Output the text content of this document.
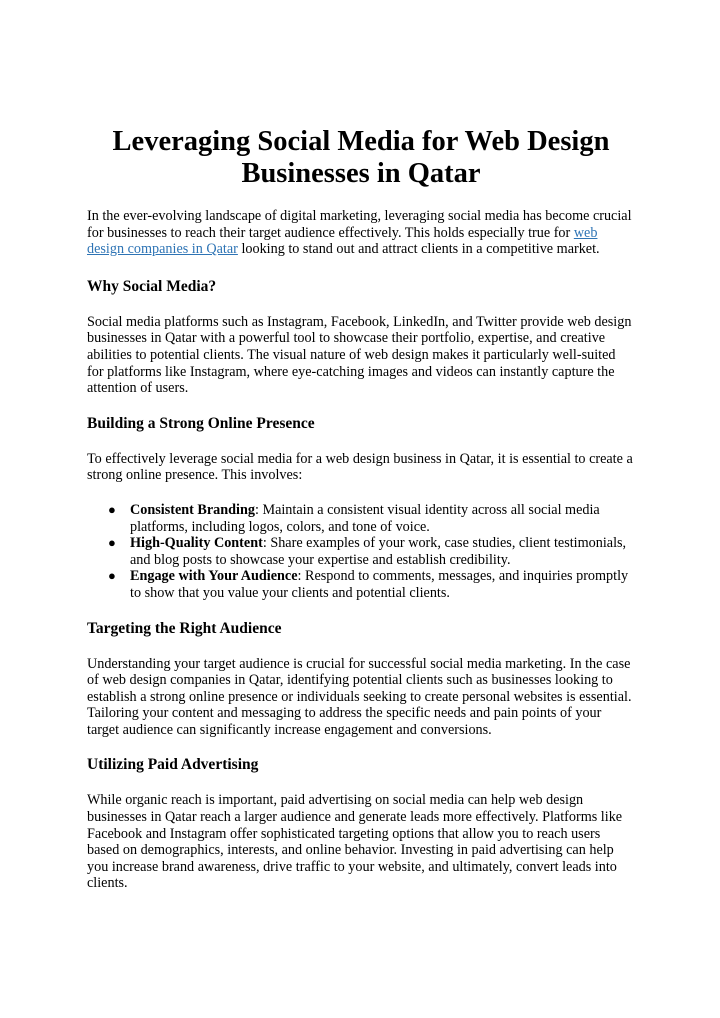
Leveraging Social Media for Web Design
Businesses in Qatar

In the ever-evolving landscape of digital marketing, leveraging social media has become crucial for businesses to reach their target audience effectively. This holds especially true for web design companies in Qatar looking to stand out and attract clients in a competitive market.

Why Social Media?

Social media platforms such as Instagram, Facebook, LinkedIn, and Twitter provide web design businesses in Qatar with a powerful tool to showcase their portfolio, expertise, and creative abilities to potential clients. The visual nature of web design makes it particularly well-suited for platforms like Instagram, where eye-catching images and videos can instantly capture the attention of users.

Building a Strong Online Presence

To effectively leverage social media for a web design business in Qatar, it is essential to create a strong online presence. This involves:

● Consistent Branding: Maintain a consistent visual identity across all social media platforms, including logos, colors, and tone of voice.
● High-Quality Content: Share examples of your work, case studies, client testimonials, and blog posts to showcase your expertise and establish credibility.
● Engage with Your Audience: Respond to comments, messages, and inquiries promptly to show that you value your clients and potential clients.
Targeting the Right Audience

Understanding your target audience is crucial for successful social media marketing. In the case of web design companies in Qatar, identifying potential clients such as businesses looking to establish a strong online presence or individuals seeking to create personal websites is essential. Tailoring your content and messaging to address the specific needs and pain points of your target audience can significantly increase engagement and conversions.

Utilizing Paid Advertising

While organic reach is important, paid advertising on social media can help web design businesses in Qatar reach a larger audience and generate leads more effectively. Platforms like Facebook and Instagram offer sophisticated targeting options that allow you to reach users based on demographics, interests, and online behavior. Investing in paid advertising can help you increase brand awareness, drive traffic to your website, and ultimately, convert leads into clients.
